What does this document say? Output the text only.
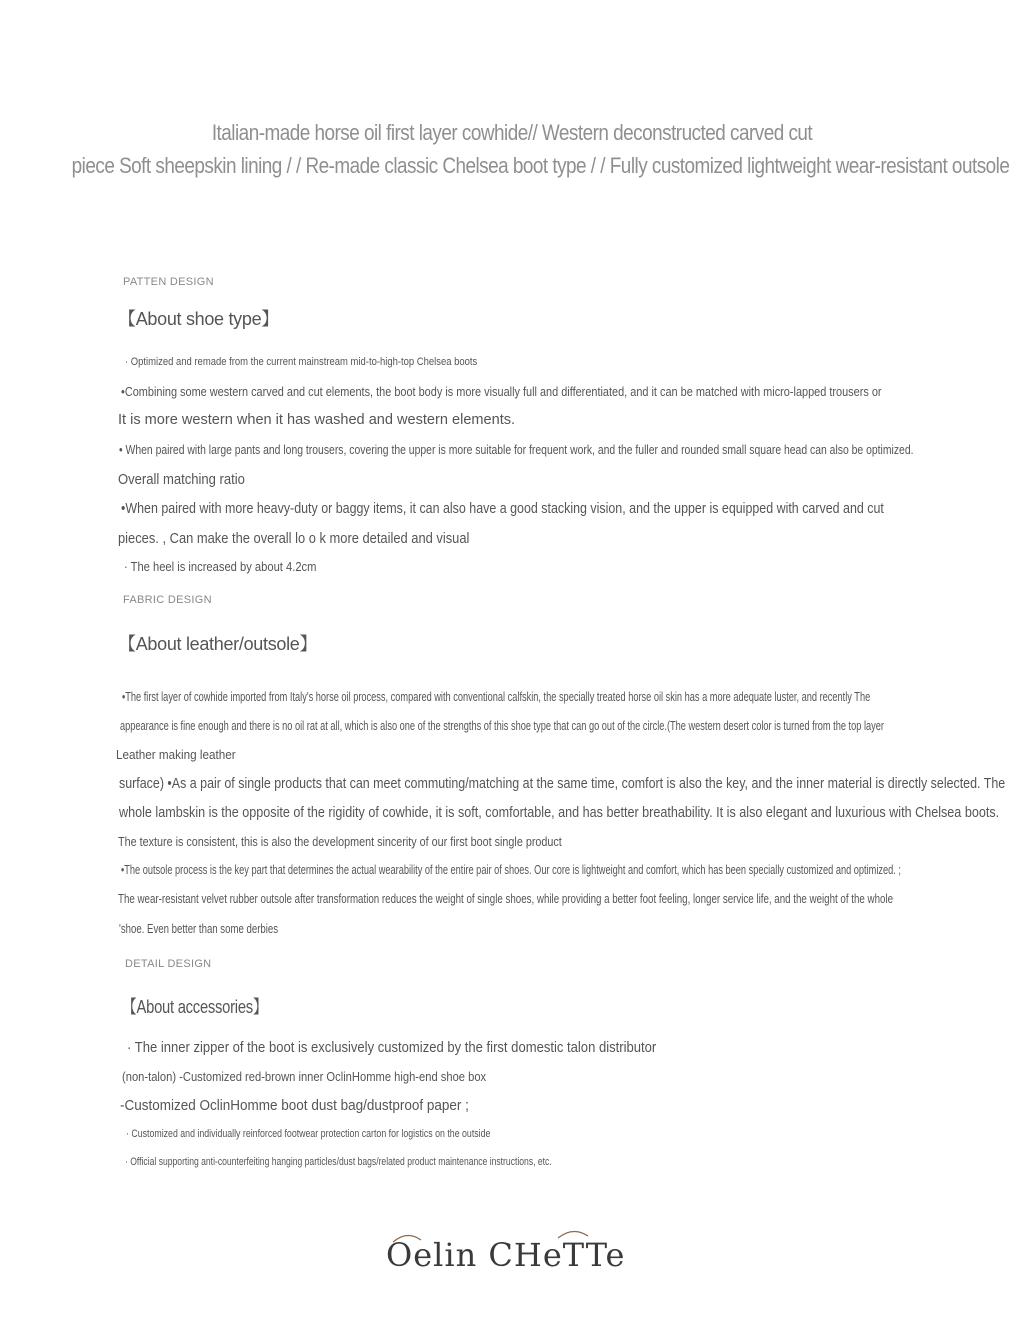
Italian-made horse oil first layer cowhide// Western deconstructed carved cut
piece Soft sheepskin lining / / Re-made classic Chelsea boot type / / Fully customized lightweight wear-resistant outsole
PATTEN DESIGN
【About shoe type】
· Optimized and remade from the current mainstream mid-to-high-top Chelsea boots
•Combining some western carved and cut elements, the boot body is more visually full and differentiated, and it can be matched with micro-lapped trousers or
It is more western when it has washed and western elements.
• When paired with large pants and long trousers, covering the upper is more suitable for frequent work, and the fuller and rounded small square head can also be optimized.
Overall matching ratio
•When paired with more heavy-duty or baggy items, it can also have a good stacking vision, and the upper is equipped with carved and cut
pieces. , Can make the overall lo o k more detailed and visual
· The heel is increased by about 4.2cm
FABRIC DESIGN
【About leather/outsole】
•The first layer of cowhide imported from Italy's horse oil process, compared with conventional calfskin, the specially treated horse oil skin has a more adequate luster, and recently The
appearance is fine enough and there is no oil rat at all, which is also one of the strengths of this shoe type that can go out of the circle.(The western desert color is turned from the top layer
Leather making leather
surface) •As a pair of single products that can meet commuting/matching at the same time, comfort is also the key, and the inner material is directly selected. The
whole lambskin is the opposite of the rigidity of cowhide, it is soft, comfortable, and has better breathability. It is also elegant and luxurious with Chelsea boots.
The texture is consistent, this is also the development sincerity of our first boot single product
•The outsole process is the key part that determines the actual wearability of the entire pair of shoes. Our core is lightweight and comfort, which has been specially customized and optimized. ;
The wear-resistant velvet rubber outsole after transformation reduces the weight of single shoes, while providing a better foot feeling, longer service life, and the weight of the whole
'shoe. Even better than some derbies
DETAIL DESIGN
【About accessories】
· The inner zipper of the boot is exclusively customized by the first domestic talon distributor
(non-talon) -Customized red-brown inner OclinHomme high-end shoe box
-Customized OclinHomme boot dust bag/dustproof paper ;
· Customized and individually reinforced footwear protection carton for logistics on the outside
· Official supporting anti-counterfeiting hanging particles/dust bags/related product maintenance instructions, etc.
Oelin CHeTTe
